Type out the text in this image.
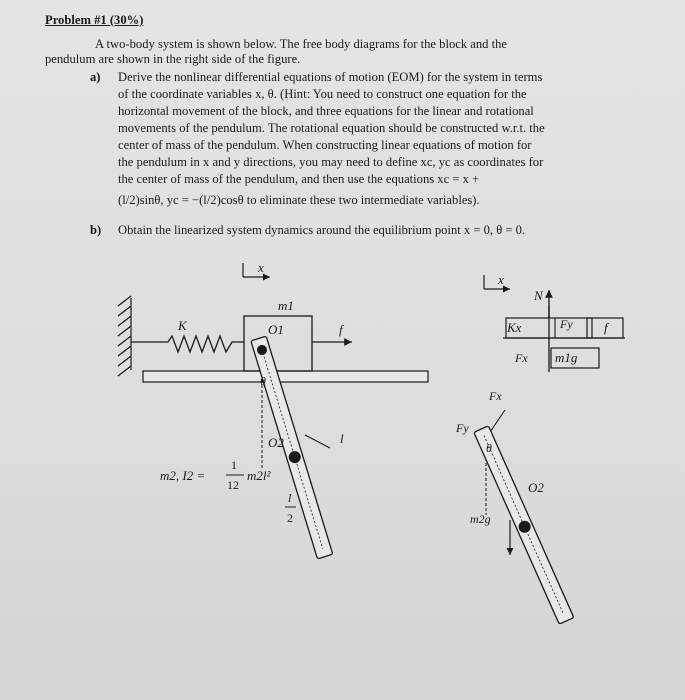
Problem #1 (30%)
A two-body system is shown below. The free body diagrams for the block and the
pendulum are shown in the right side of the figure.
a) Derive the nonlinear differential equations of motion (EOM) for the system in terms
of the coordinate variables x, θ. (Hint: You need to construct one equation for the
horizontal movement of the block, and three equations for the linear and rotational
movements of the pendulum. The rotational equation should be constructed w.r.t. the
center of mass of the pendulum. When constructing linear equations of motion for
the pendulum in x and y directions, you may need to define xc, yc as coordinates for
the center of mass of the pendulum, and then use the equations xc = x +
(l/2)sinθ, yc = −(l/2)cosθ to eliminate these two intermediate variables).
b) Obtain the linearized system dynamics around the equilibrium point x = 0, θ = 0.
x
m1
K	f
O1
θ
O2	l
l
2
m2, I2 =
1
12
m2l²
x
N
Kx	Fy f
Fx m1g
Fx
Fy
θ
O2
m2g
